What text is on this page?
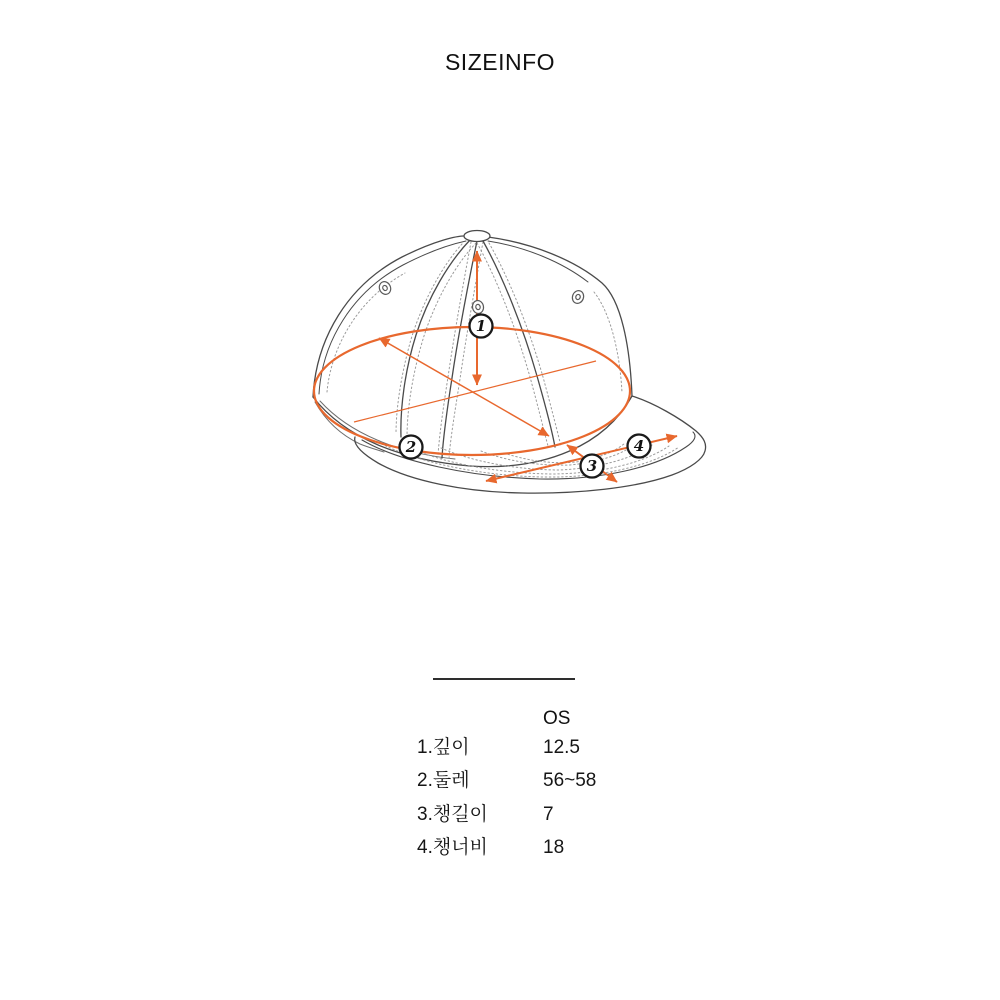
SIZEINFO
1
2
3
4
OS
1.깊이	12.5
2.둘레	56~58
3.챙길이	7
4.챙너비	18
